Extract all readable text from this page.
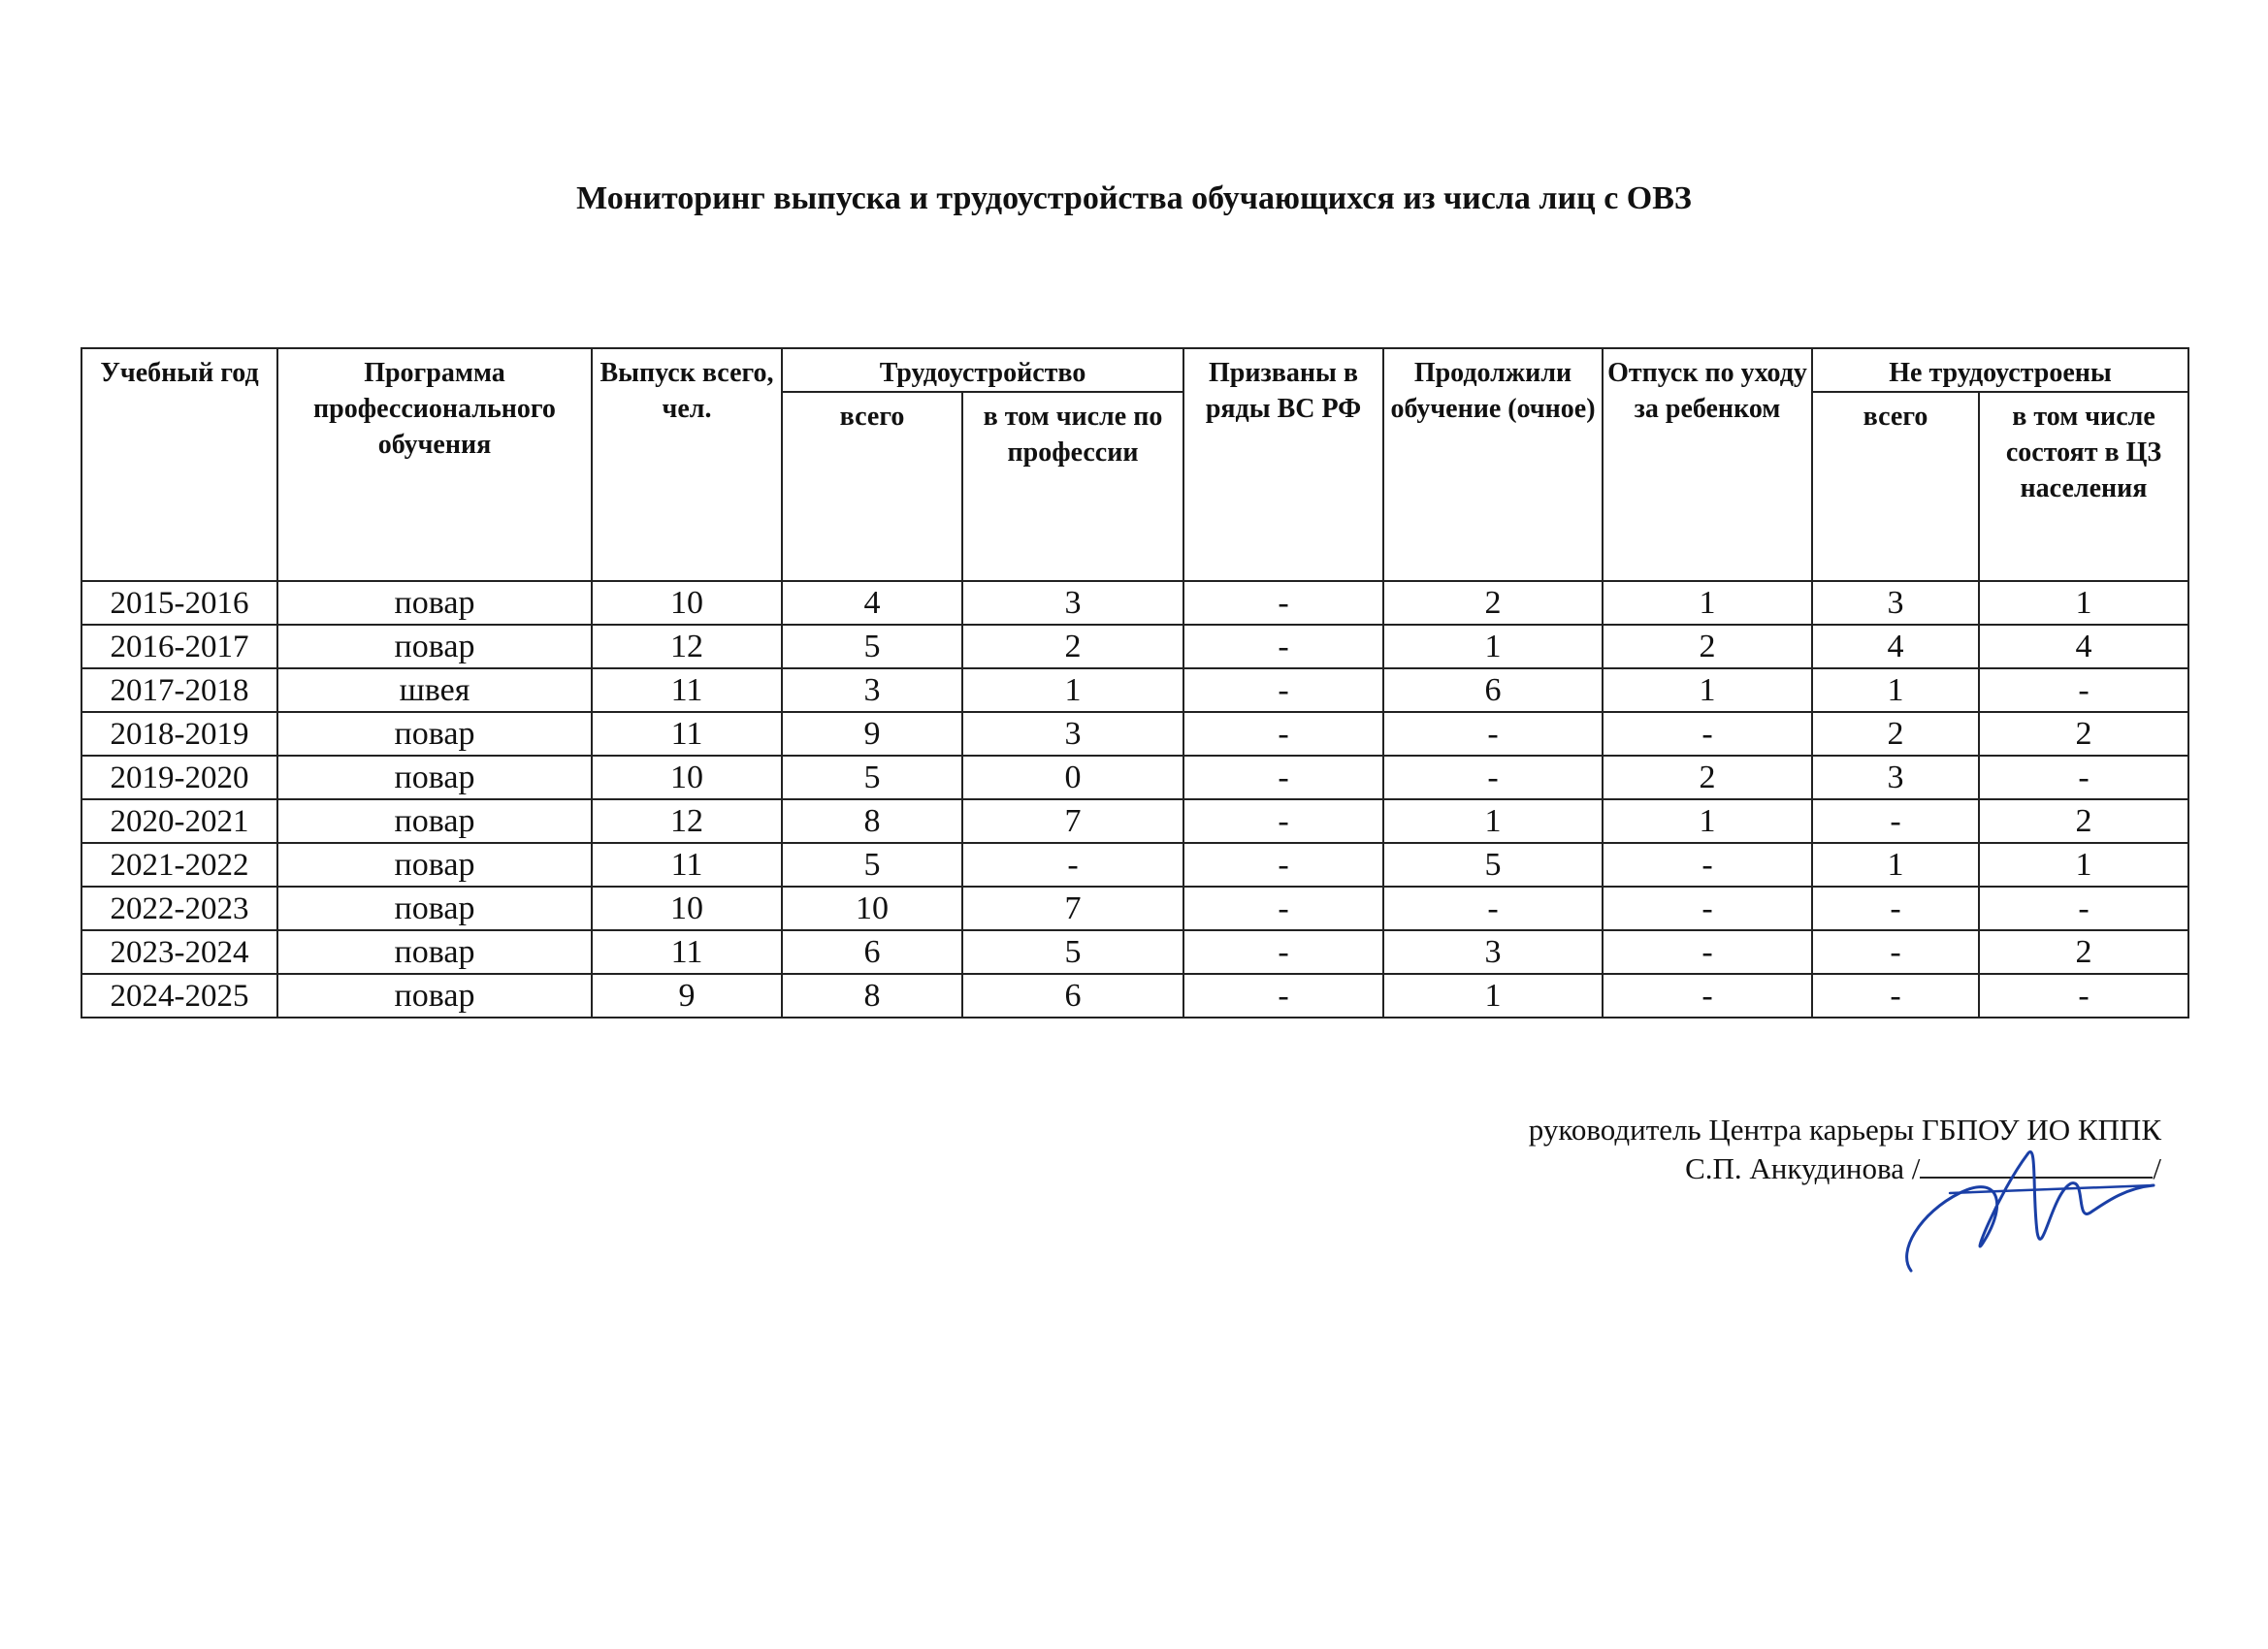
Мониторинг выпуска и трудоустройства обучающихся из числа лиц с ОВЗ
Учебный год	Программа профессионального обучения	Выпуск всего, чел.	Трудоустройство		Призваны в ряды ВС РФ	Продолжили обучение (очное)	Отпуск по уходу за ребенком	Не трудоустроены	
			всего	в том числе по профессии				всего	в том числе состоят в ЦЗ населения
2015-2016	повар	10	4	3	-	2	1	3	1
2016-2017	повар	12	5	2	-	1	2	4	4
2017-2018	швея	11	3	1	-	6	1	1	-
2018-2019	повар	11	9	3	-	-	-	2	2
2019-2020	повар	10	5	0	-	-	2	3	-
2020-2021	повар	12	8	7	-	1	1	-	2
2021-2022	повар	11	5	-	-	5	-	1	1
2022-2023	повар	10	10	7	-	-	-	-	-
2023-2024	повар	11	6	5	-	3	-	-	2
2024-2025	повар	9	8	6	-	1	-	-	-
руководитель Центра карьеры ГБПОУ ИО КППК
С.П. Анкудинова /	/
